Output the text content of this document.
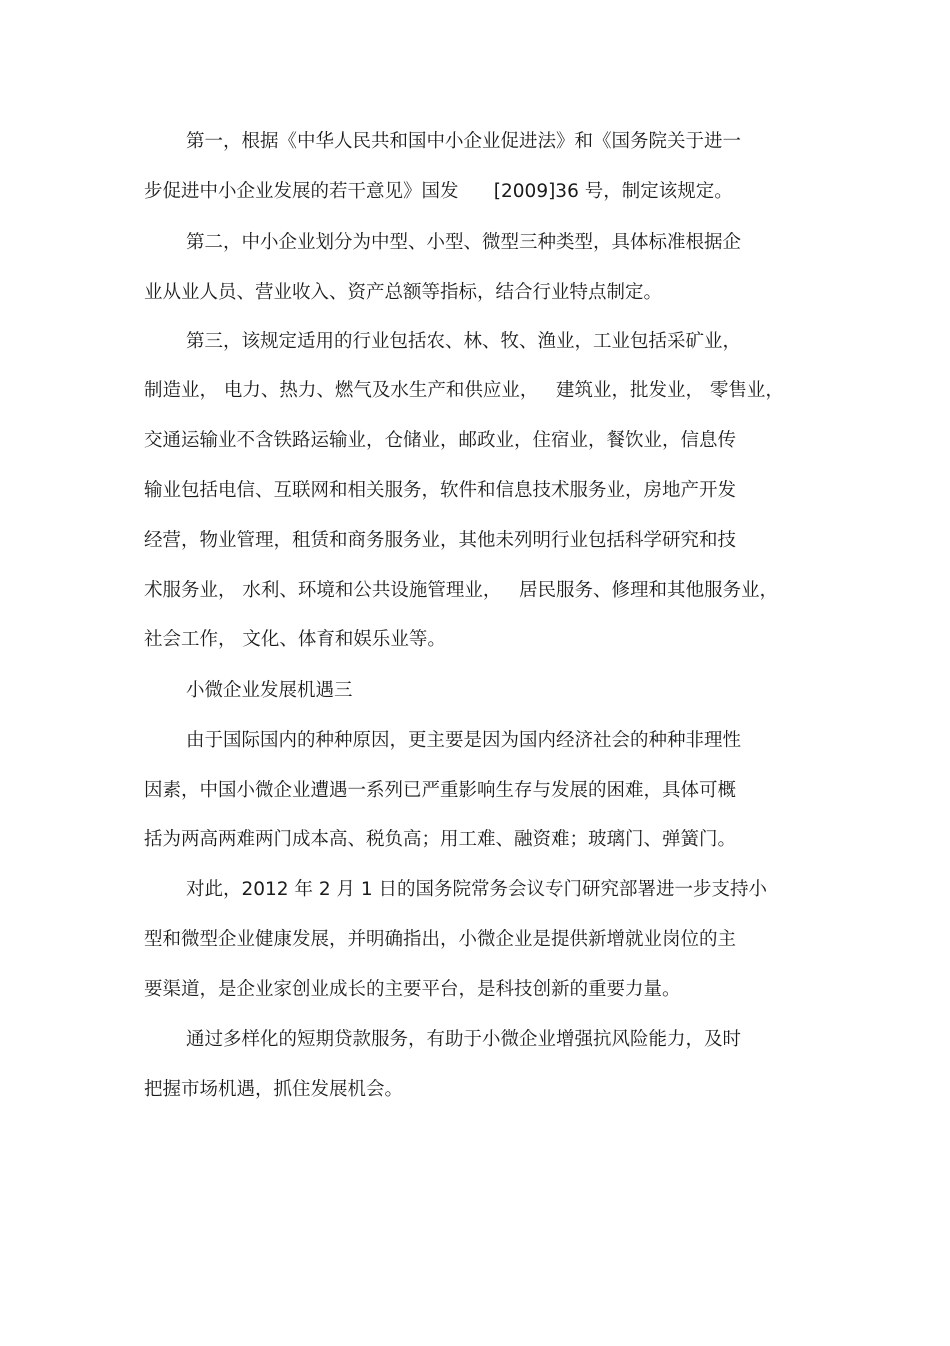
第一，根据《中华人民共和国中小企业促进法》和《国务院关于进一
步促进中小企业发展的若干意见》国发      [2009]36 号，制定该规定。
第二，中小企业划分为中型、小型、微型三种类型，具体标准根据企
业从业人员、营业收入、资产总额等指标，结合行业特点制定。
第三，该规定适用的行业包括农、林、牧、渔业，工业包括采矿业，
制造业， 电力、热力、燃气及水生产和供应业，   建筑业，批发业， 零售业，
交通运输业不含铁路运输业，仓储业，邮政业，住宿业，餐饮业，信息传
输业包括电信、互联网和相关服务，软件和信息技术服务业，房地产开发
经营，物业管理，租赁和商务服务业，其他未列明行业包括科学研究和技
术服务业， 水利、环境和公共设施管理业，   居民服务、修理和其他服务业，
社会工作， 文化、体育和娱乐业等。
小微企业发展机遇三
由于国际国内的种种原因，更主要是因为国内经济社会的种种非理性
因素，中国小微企业遭遇一系列已严重影响生存与发展的困难，具体可概
括为两高两难两门成本高、税负高；用工难、融资难；玻璃门、弹簧门。
对此，2012 年 2 月 1 日的国务院常务会议专门研究部署进一步支持小
型和微型企业健康发展，并明确指出，小微企业是提供新增就业岗位的主
要渠道，是企业家创业成长的主要平台，是科技创新的重要力量。
通过多样化的短期贷款服务，有助于小微企业增强抗风险能力，及时
把握市场机遇，抓住发展机会。
